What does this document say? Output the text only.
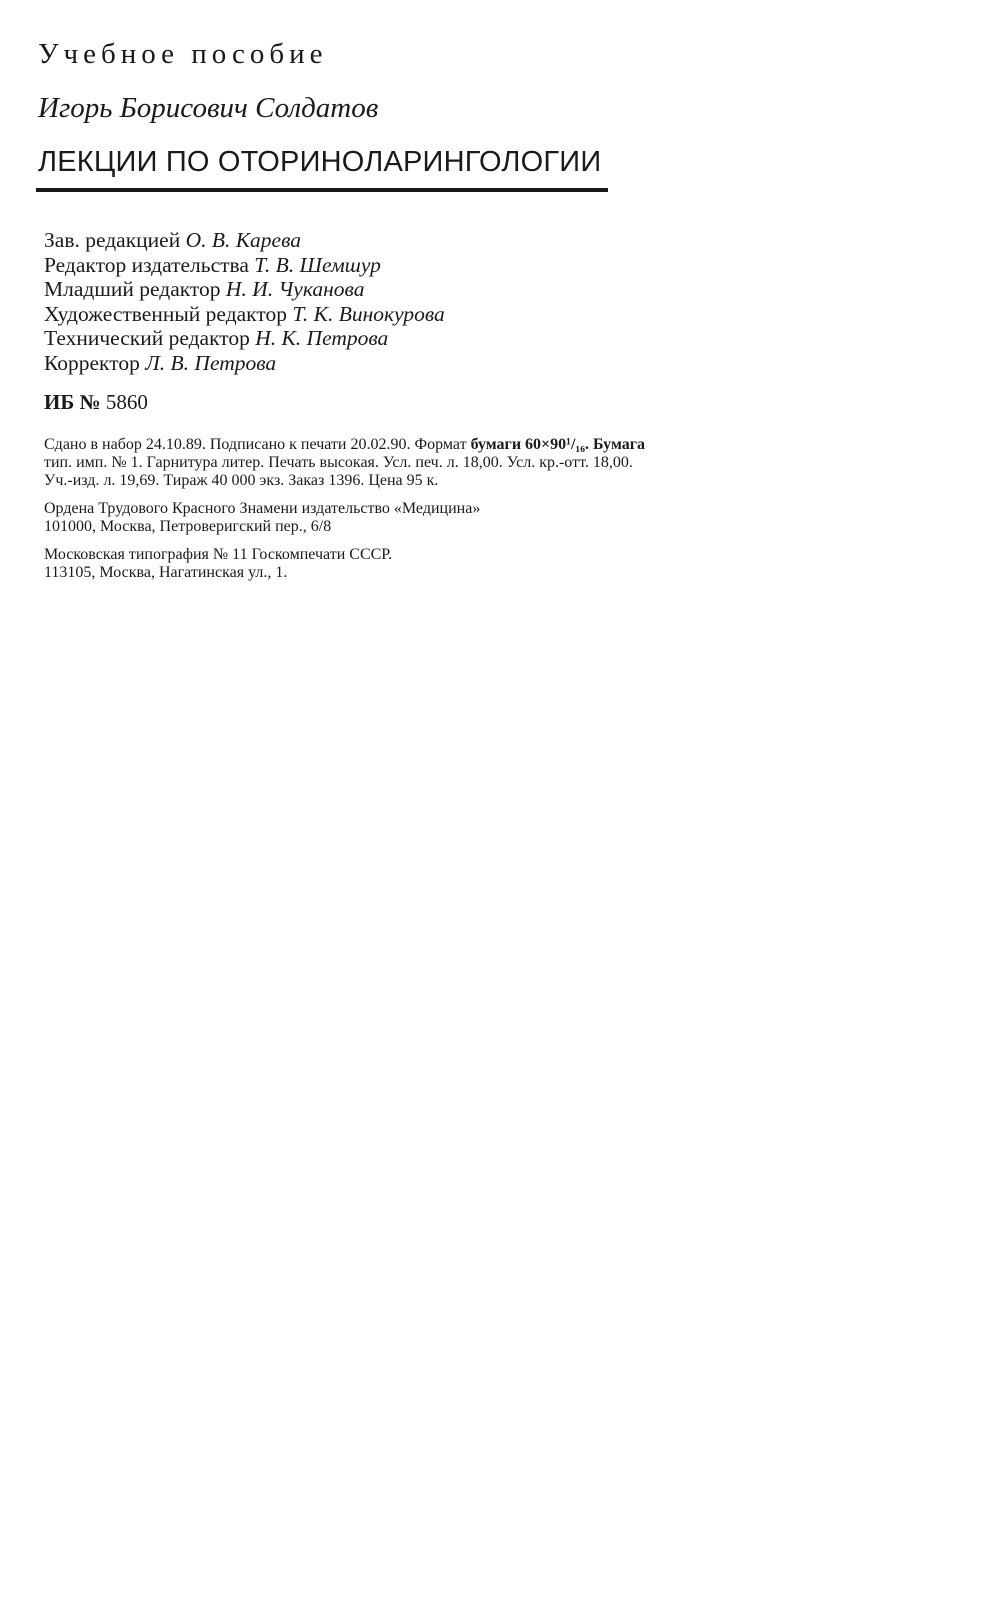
Учебное пособие
Игорь Борисович Солдатов
ЛЕКЦИИ ПО ОТОРИНОЛАРИНГОЛОГИИ
Зав. редакцией О. В. Карева
Редактор издательства Т. В. Шемшур
Младший редактор Н. И. Чуканова
Художественный редактор Т. К. Винокурова
Технический редактор Н. К. Петрова
Корректор Л. В. Петрова
ИБ № 5860
Сдано в набор 24.10.89. Подписано к печати 20.02.90. Формат бумаги 60×90¹/₁₆. Бумага
тип. имп. № 1. Гарнитура литер. Печать высокая. Усл. печ. л. 18,00. Усл. кр.-отт. 18,00.
Уч.-изд. л. 19,69. Тираж 40 000 экз. Заказ 1396. Цена 95 к.
Ордена Трудового Красного Знамени издательство «Медицина»
101000, Москва, Петроверигский пер., 6/8
Московская типография № 11 Госкомпечати СССР.
113105, Москва, Нагатинская ул., 1.
